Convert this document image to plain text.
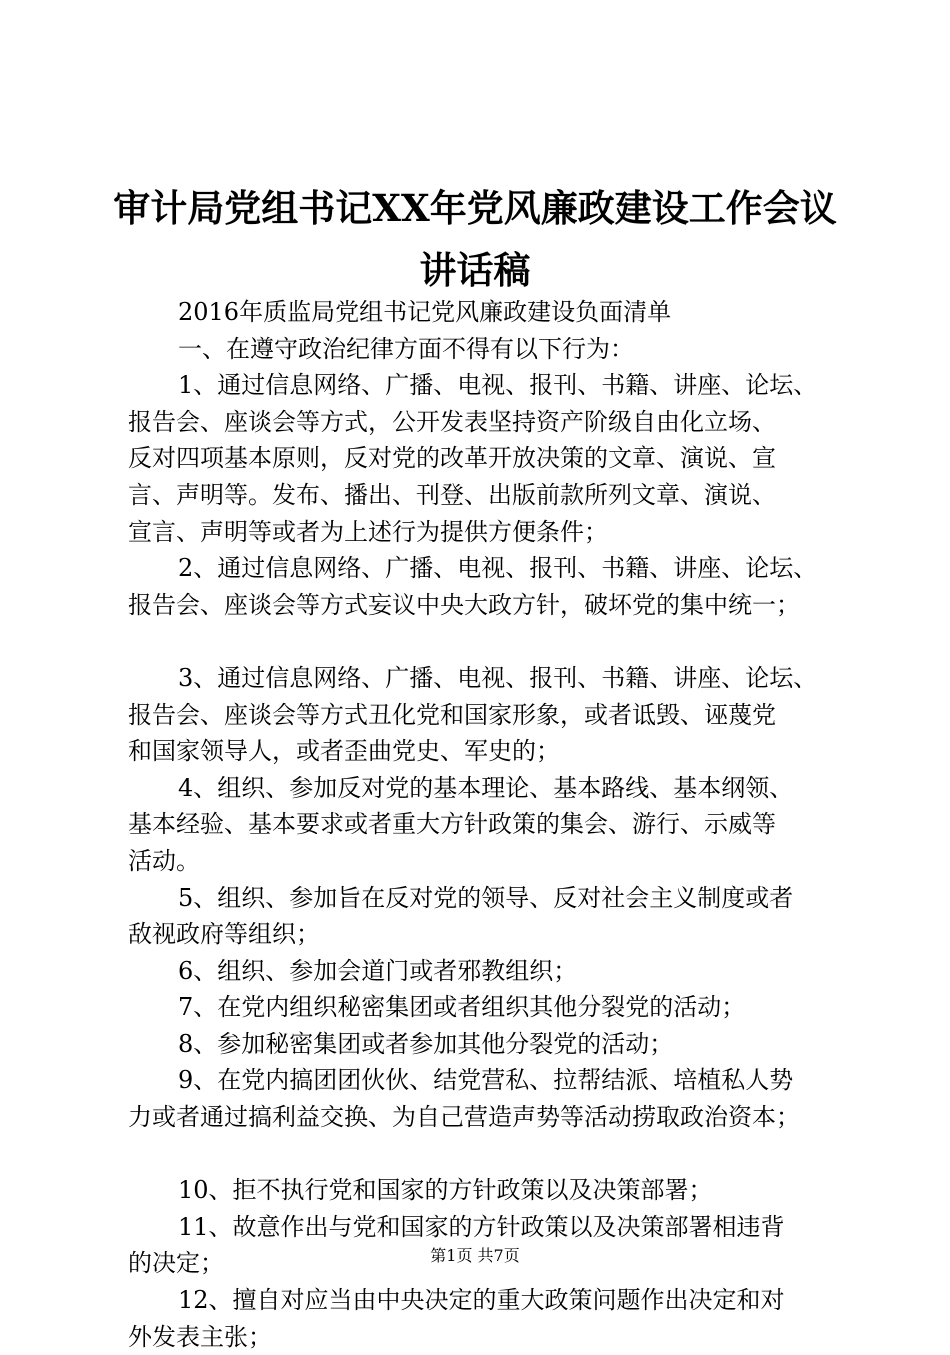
审计局党组书记XX年党风廉政建设工作会议
讲话稿
2016年质监局党组书记党风廉政建设负面清单
一、在遵守政治纪律方面不得有以下行为：
1、通过信息网络、广播、电视、报刊、书籍、讲座、论坛、
报告会、座谈会等方式，公开发表坚持资产阶级自由化立场、
反对四项基本原则，反对党的改革开放决策的文章、演说、宣
言、声明等。发布、播出、刊登、出版前款所列文章、演说、
宣言、声明等或者为上述行为提供方便条件；
2、通过信息网络、广播、电视、报刊、书籍、讲座、论坛、
报告会、座谈会等方式妄议中央大政方针，破坏党的集中统一；
3、通过信息网络、广播、电视、报刊、书籍、讲座、论坛、
报告会、座谈会等方式丑化党和国家形象，或者诋毁、诬蔑党
和国家领导人，或者歪曲党史、军史的；
4、组织、参加反对党的基本理论、基本路线、基本纲领、
基本经验、基本要求或者重大方针政策的集会、游行、示威等
活动。
5、组织、参加旨在反对党的领导、反对社会主义制度或者
敌视政府等组织；
6、组织、参加会道门或者邪教组织；
7、在党内组织秘密集团或者组织其他分裂党的活动；
8、参加秘密集团或者参加其他分裂党的活动；
9、在党内搞团团伙伙、结党营私、拉帮结派、培植私人势
力或者通过搞利益交换、为自己营造声势等活动捞取政治资本；
10、拒不执行党和国家的方针政策以及决策部署；
11、故意作出与党和国家的方针政策以及决策部署相违背
的决定；
12、擅自对应当由中央决定的重大政策问题作出决定和对
外发表主张；
第1页 共7页
